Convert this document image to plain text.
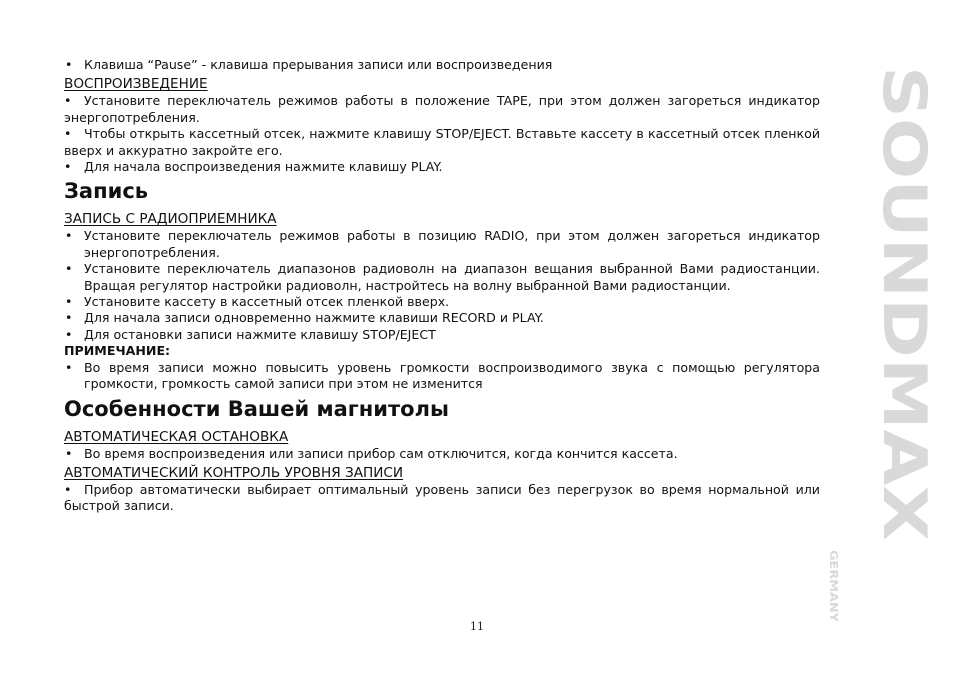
• Клавиша “Pause” - клавиша прерывания записи или воспроизведения

ВОСПРОИЗВЕДЕНИЕ

• Установите переключатель режимов работы в положение TAPE, при этом должен загореться индикатор энергопотребления.

• Чтобы открыть кассетный отсек, нажмите клавишу STOP/EJECT. Вставьте кассету в кассетный отсек пленкой вверх и аккуратно закройте его.

• Для начала воспроизведения нажмите клавишу PLAY.

Запись

ЗАПИСЬ С РАДИОПРИЕМНИКА

• Установите переключатель режимов работы в позицию RADIO, при этом должен загореться индикатор энергопотребления.

• Установите переключатель диапазонов радиоволн на диапазон вещания выбранной Вами радиостанции. Вращая регулятор настройки радиоволн, настройтесь на волну выбранной Вами радиостанции.

• Установите кассету в кассетный отсек пленкой вверх.

• Для начала записи одновременно нажмите клавиши RECORD и PLAY.

• Для остановки записи нажмите клавишу STOP/EJECT

ПРИМЕЧАНИЕ:

• Во время записи можно повысить уровень громкости воспроизводимого звука с помощью регулятора громкости, громкость самой записи при этом не изменится

Особенности Вашей магнитолы

АВТОМАТИЧЕСКАЯ ОСТАНОВКА

• Во время воспроизведения или записи прибор сам отключится, когда кончится кассета.

АВТОМАТИЧЕСКИЙ КОНТРОЛЬ УРОВНЯ ЗАПИСИ

• Прибор автоматически выбирает оптимальный уровень записи без перегрузок во время нормальной или быстрой записи.

SOUNDMAX
GERMANY
11
